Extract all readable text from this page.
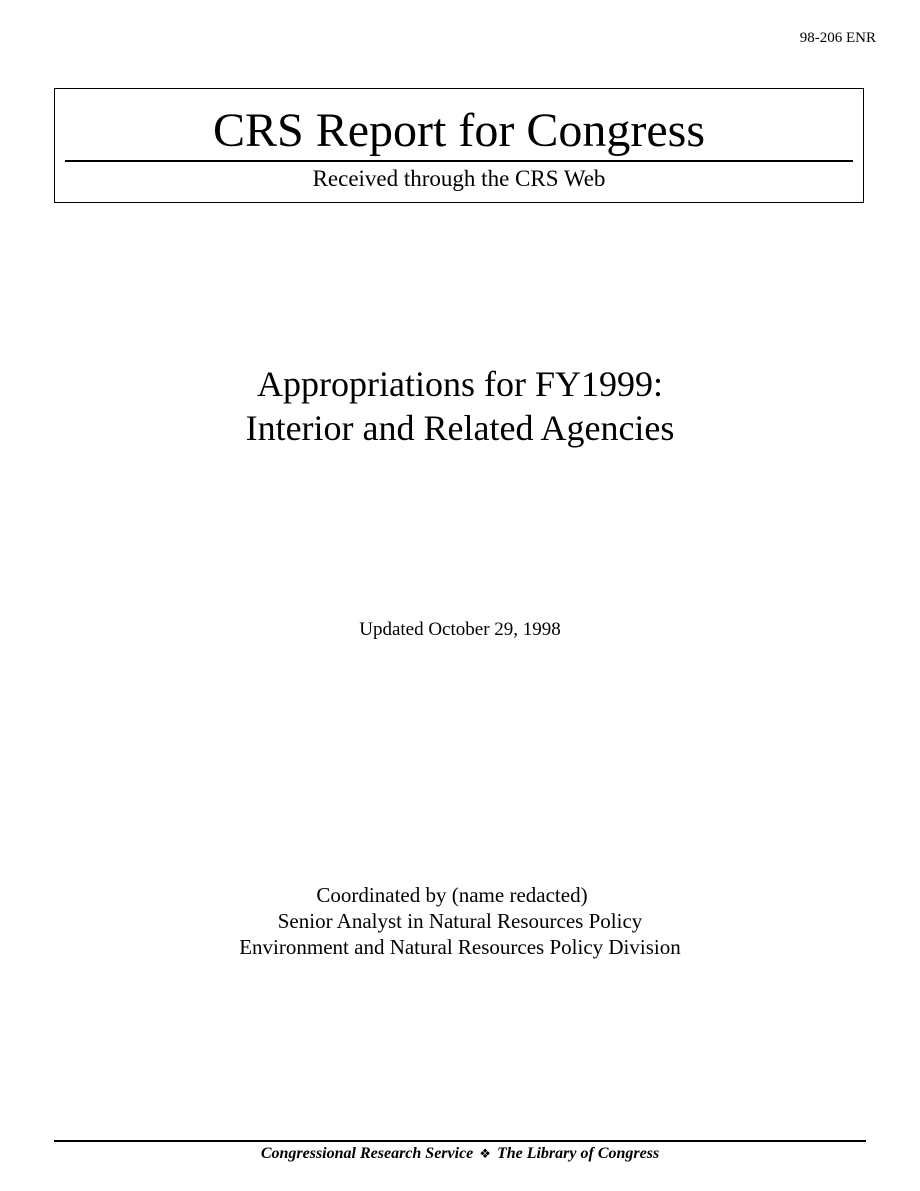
98-206 ENR
CRS Report for Congress
Received through the CRS Web
Appropriations for FY1999:
Interior and Related Agencies
Updated October 29, 1998
Coordinated by (name redacted)
Senior Analyst in Natural Resources Policy
Environment and Natural Resources Policy Division
Congressional Research Service ❖ The Library of Congress
